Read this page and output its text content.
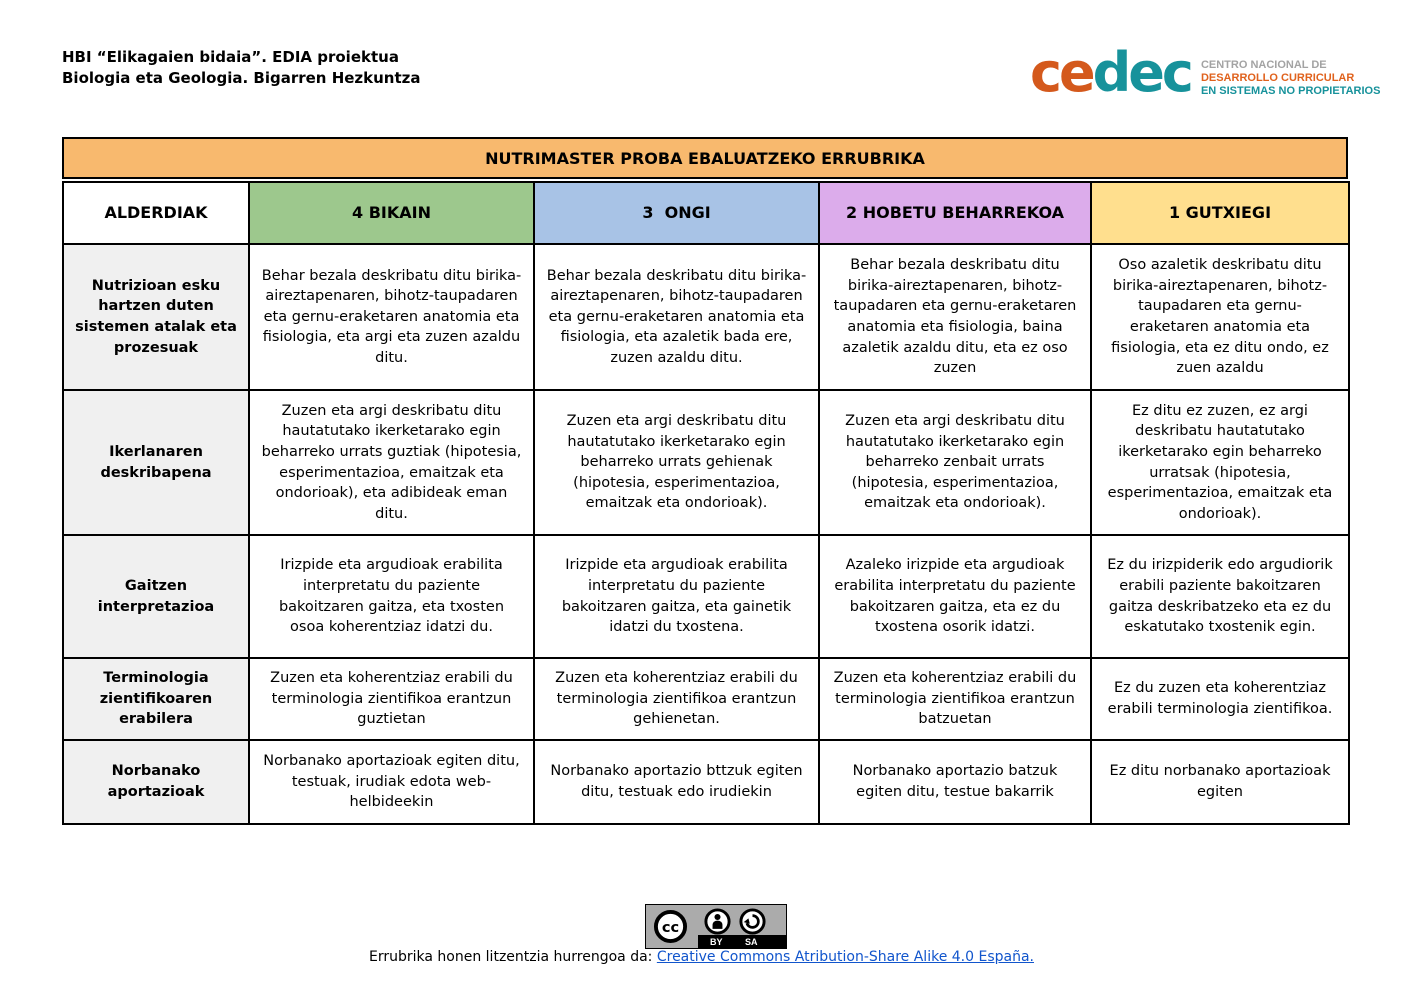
HBI “Elikagaien bidaia”. EDIA proiektua
Biologia eta Geologia. Bigarren Hezkuntza	cedec CENTRO NACIONAL DE
DESARROLLO CURRICULAR
EN SISTEMAS NO PROPIETARIOS
NUTRIMASTER PROBA EBALUATZEKO ERRUBRIKA
ALDERDIAK	4 BIKAIN	3  ONGI	2 HOBETU BEHARREKOA	1 GUTXIEGI
Nutrizioan esku hartzen duten sistemen atalak eta prozesuak	Behar bezala deskribatu ditu birika-aireztapenaren, bihotz-taupadaren eta gernu-eraketaren anatomia eta fisiologia, eta argi eta zuzen azaldu ditu.	Behar bezala deskribatu ditu birika-aireztapenaren, bihotz-taupadaren eta gernu-eraketaren anatomia eta fisiologia, eta azaletik bada ere, zuzen azaldu ditu.	Behar bezala deskribatu ditu birika-aireztapenaren, bihotz-taupadaren eta gernu-eraketaren anatomia eta fisiologia, baina azaletik azaldu ditu, eta ez oso zuzen	Oso azaletik deskribatu ditu birika-aireztapenaren, bihotz-taupadaren eta gernu-eraketaren anatomia eta fisiologia, eta ez ditu ondo, ez zuen azaldu
Ikerlanaren deskribapena	Zuzen eta argi deskribatu ditu hautatutako ikerketarako egin beharreko urrats guztiak (hipotesia, esperimentazioa, emaitzak eta ondorioak), eta adibideak eman ditu.	Zuzen eta argi deskribatu ditu hautatutako ikerketarako egin beharreko urrats gehienak (hipotesia, esperimentazioa, emaitzak eta ondorioak).	Zuzen eta argi deskribatu ditu hautatutako ikerketarako egin beharreko zenbait urrats (hipotesia, esperimentazioa, emaitzak eta ondorioak).	Ez ditu ez zuzen, ez argi deskribatu hautatutako ikerketarako egin beharreko urratsak (hipotesia, esperimentazioa, emaitzak eta ondorioak).
Gaitzen interpretazioa	Irizpide eta argudioak erabilita interpretatu du paziente bakoitzaren gaitza, eta txosten osoa koherentziaz idatzi du.	Irizpide eta argudioak erabilita interpretatu du paziente bakoitzaren gaitza, eta gainetik idatzi du txostena.	Azaleko irizpide eta argudioak erabilita interpretatu du paziente bakoitzaren gaitza, eta ez du txostena osorik idatzi.	Ez du irizpiderik edo argudiorik erabili paziente bakoitzaren gaitza deskribatzeko eta ez du eskatutako txostenik egin.
Terminologia zientifikoaren erabilera	Zuzen eta koherentziaz erabili du terminologia zientifikoa erantzun guztietan	Zuzen eta koherentziaz erabili du terminologia zientifikoa erantzun gehienetan.	Zuzen eta koherentziaz erabili du terminologia zientifikoa erantzun batzuetan	Ez du zuzen eta koherentziaz erabili terminologia zientifikoa.
Norbanako aportazioak	Norbanako aportazioak egiten ditu, testuak, irudiak edota web-helbideekin	Norbanako aportazio bttzuk egiten ditu, testuak edo irudiekin	Norbanako aportazio batzuk egiten ditu, testue bakarrik	Ez ditu norbanako aportazioak egiten
cc
BY SA
Errubrika honen litzentzia hurrengoa da: Creative Commons Atribution-Share Alike 4.0 España.
